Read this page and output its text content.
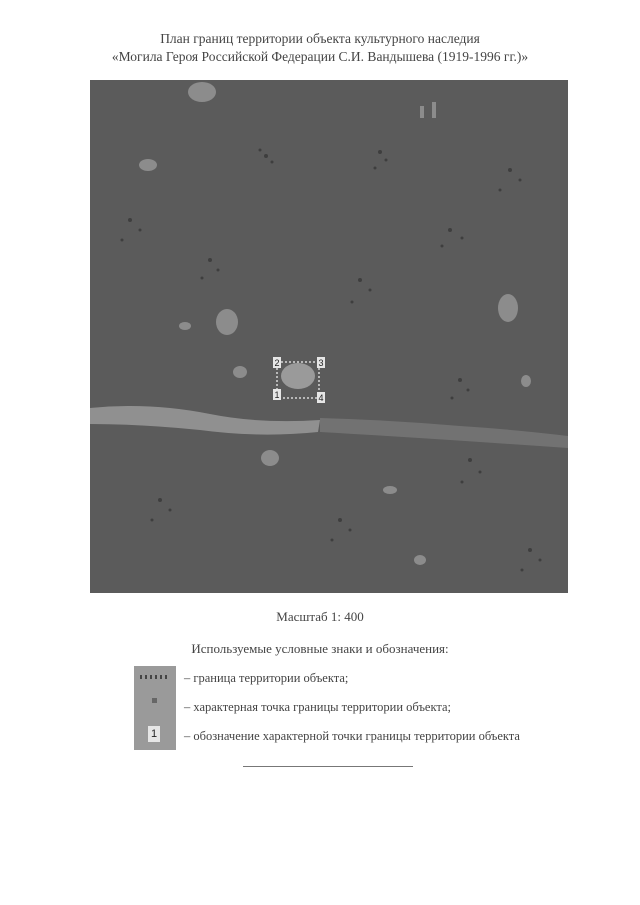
План границ территории объекта культурного наследия
«Могила Героя Российской Федерации С.И. Вандышева (1919-1996 гг.)»
2	3
1	4
Масштаб 1: 400
Используемые условные знаки и обозначения:
1
– граница территории объекта;
– характерная точка границы территории объекта;
– обозначение характерной точки границы территории объекта
